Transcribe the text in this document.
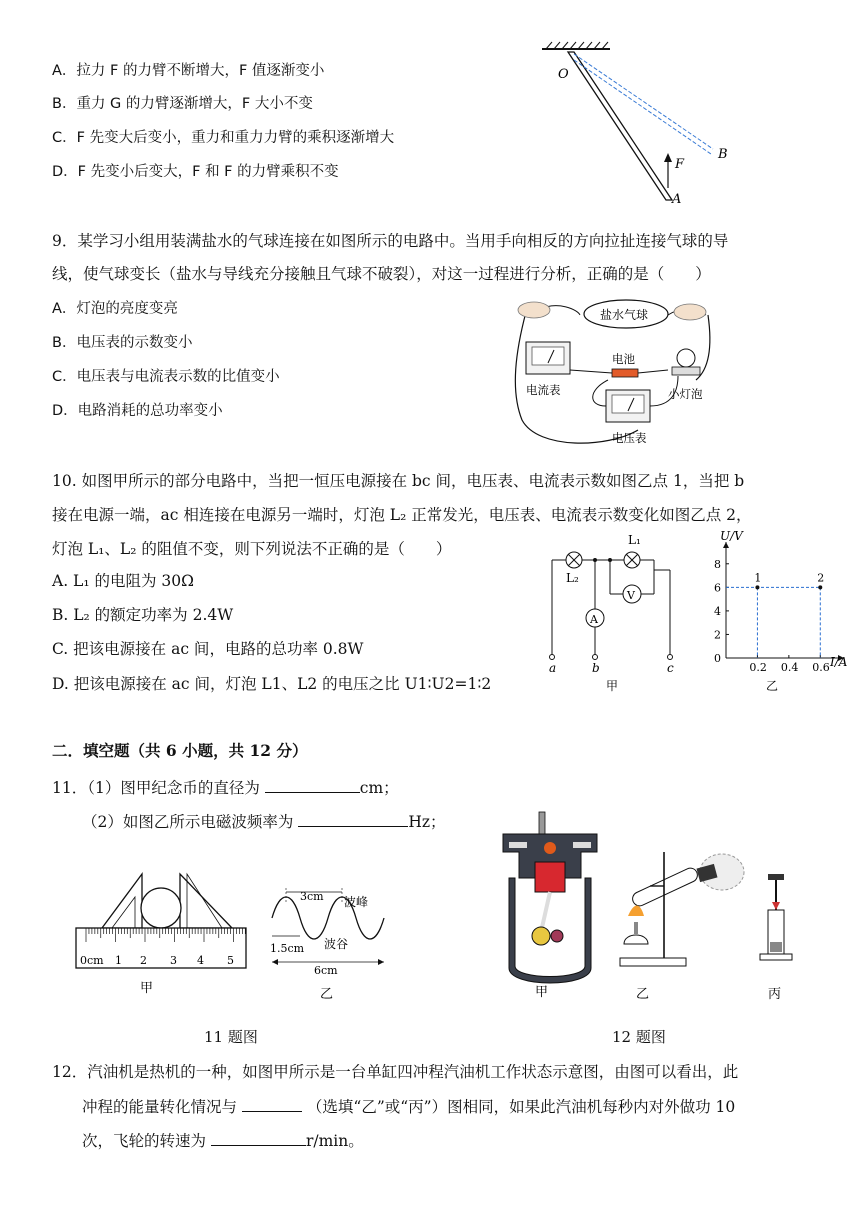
A．拉力 F 的力臂不断增大，F 值逐渐变小
B．重力 G 的力臂逐渐增大，F 大小不变
C．F 先变大后变小，重力和重力力臂的乘积逐渐增大
D．F 先变小后变大，F 和 F 的力臂乘积不变
O
B
A
F
9．某学习小组用装满盐水的气球连接在如图所示的电路中。当用手向相反的方向拉扯连接气球的导
线，使气球变长（盐水与导线充分接触且气球不破裂），对这一过程进行分析，正确的是（　　）
A．灯泡的亮度变亮
B．电压表的示数变小
C．电压表与电流表示数的比值变小
D．电路消耗的总功率变小
盐水气球
电流表
电池
小灯泡
电压表
10. 如图甲所示的部分电路中，当把一恒压电源接在 bc 间，电压表、电流表示数如图乙点 1，当把 b
接在电源一端，ac 相连接在电源另一端时，灯泡 L₂ 正常发光，电压表、电流表示数变化如图乙点 2，
灯泡 L₁、L₂ 的阻值不变，则下列说法不正确的是（　　）
A. L₁ 的电阻为 30Ω
B. L₂ 的额定功率为 2.4W
C. 把该电源接在 ac 间，电路的总功率 0.8W
D. 把该电源接在 ac 间，灯泡 L1、L2 的电压之比 U1∶U2=1∶2
L₂
A
L₁
V
a	b	c
甲
0.2 0.4 0.6
0
2
4
6
8
1	2
U/V
I/A
乙
二．填空题（共 6 小题，共 12 分）
11．（1）图甲纪念币的直径为	cm；
（2）如图乙所示电磁波频率为	Hz；
0cm 1 2 3 4 5
甲
3cm 波峰
1.5cm 波谷
6cm
乙
11 题图
甲	乙	丙
12 题图
12．汽油机是热机的一种，如图甲所示是一台单缸四冲程汽油机工作状态示意图，由图可以看出，此
冲程的能量转化情况与	（选填“乙”或“丙”）图相同，如果此汽油机每秒内对外做功 10
次，飞轮的转速为	r/min。
